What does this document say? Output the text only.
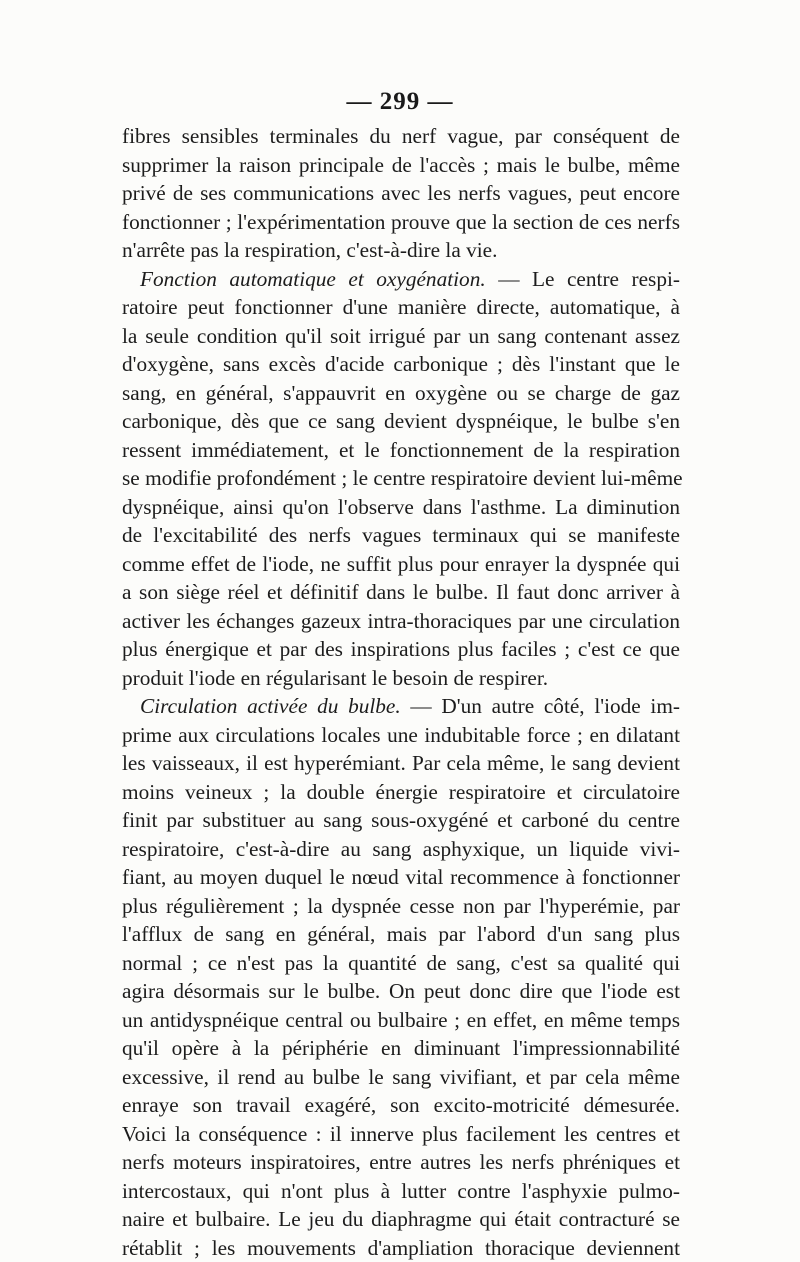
— 299 —
fibres sensibles terminales du nerf vague, par conséquent de
supprimer la raison principale de l'accès ; mais le bulbe, même
privé de ses communications avec les nerfs vagues, peut encore
fonctionner ; l'expérimentation prouve que la section de ces nerfs
n'arrête pas la respiration, c'est-à-dire la vie.
Fonction automatique et oxygénation. — Le centre respi-
ratoire peut fonctionner d'une manière directe, automatique, à
la seule condition qu'il soit irrigué par un sang contenant assez
d'oxygène, sans excès d'acide carbonique ; dès l'instant que le
sang, en général, s'appauvrit en oxygène ou se charge de gaz
carbonique, dès que ce sang devient dyspnéique, le bulbe s'en
ressent immédiatement, et le fonctionnement de la respiration
se modifie profondément ; le centre respiratoire devient lui-même
dyspnéique, ainsi qu'on l'observe dans l'asthme. La diminution
de l'excitabilité des nerfs vagues terminaux qui se manifeste
comme effet de l'iode, ne suffit plus pour enrayer la dyspnée qui
a son siège réel et définitif dans le bulbe. Il faut donc arriver à
activer les échanges gazeux intra-thoraciques par une circulation
plus énergique et par des inspirations plus faciles ; c'est ce que
produit l'iode en régularisant le besoin de respirer.
Circulation activée du bulbe. — D'un autre côté, l'iode im-
prime aux circulations locales une indubitable force ; en dilatant
les vaisseaux, il est hyperémiant. Par cela même, le sang devient
moins veineux ; la double énergie respiratoire et circulatoire
finit par substituer au sang sous-oxygéné et carboné du centre
respiratoire, c'est-à-dire au sang asphyxique, un liquide vivi-
fiant, au moyen duquel le nœud vital recommence à fonctionner
plus régulièrement ; la dyspnée cesse non par l'hyperémie, par
l'afflux de sang en général, mais par l'abord d'un sang plus
normal ; ce n'est pas la quantité de sang, c'est sa qualité qui
agira désormais sur le bulbe. On peut donc dire que l'iode est
un antidyspnéique central ou bulbaire ; en effet, en même temps
qu'il opère à la périphérie en diminuant l'impressionnabilité
excessive, il rend au bulbe le sang vivifiant, et par cela même
enraye son travail exagéré, son excito-motricité démesurée.
Voici la conséquence : il innerve plus facilement les centres et
nerfs moteurs inspiratoires, entre autres les nerfs phréniques et
intercostaux, qui n'ont plus à lutter contre l'asphyxie pulmo-
naire et bulbaire. Le jeu du diaphragme qui était contracturé se
rétablit ; les mouvements d'ampliation thoracique deviennent
